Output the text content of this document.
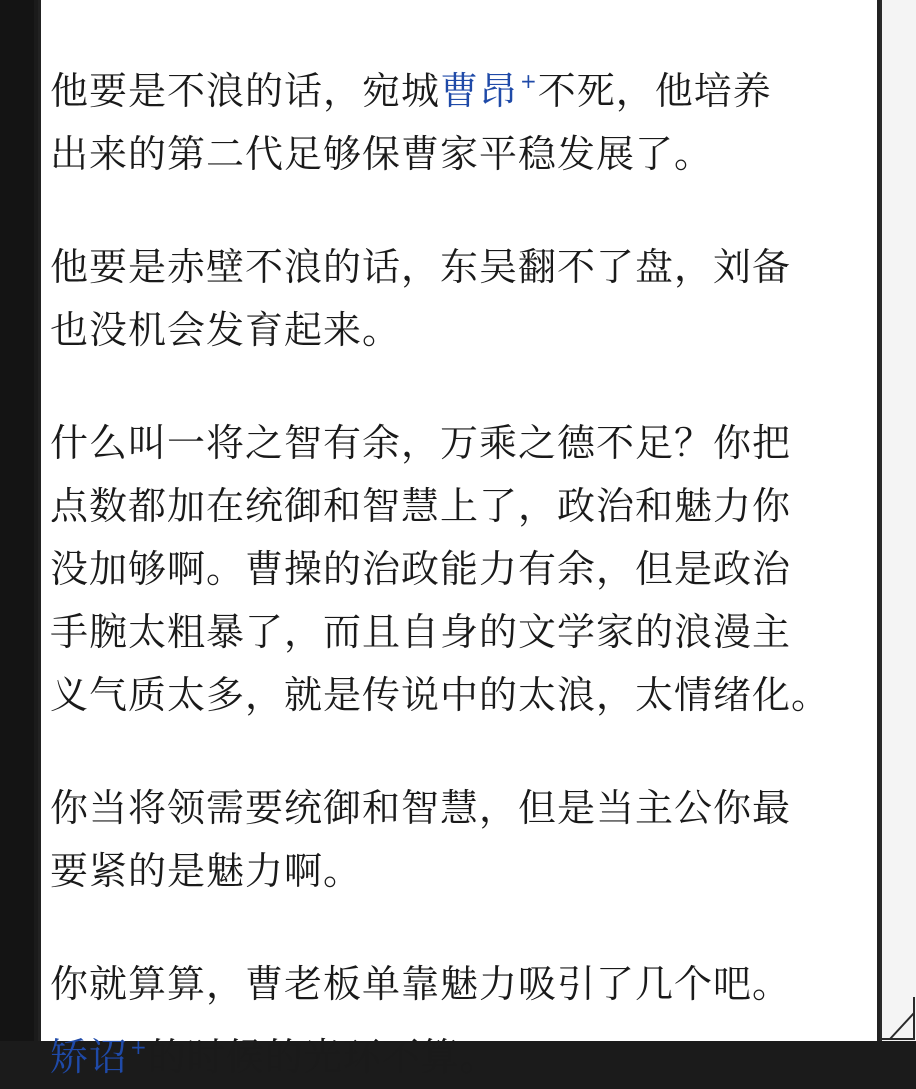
他要是不浪的话，宛城曹昂 +不死，他培养
出来的第二代足够保曹家平稳发展了。

他要是赤壁不浪的话，东吴翻不了盘，刘备
也没机会发育起来。

什么叫一将之智有余，万乘之德不足？你把
点数都加在统御和智慧上了，政治和魅力你
没加够啊。曹操的治政能力有余，但是政治
手腕太粗暴了，而且自身的文学家的浪漫主
义气质太多，就是传说中的太浪，太情绪化。

你当将领需要统御和智慧，但是当主公你最
要紧的是魅力啊。

你就算算，曹老板单靠魅力吸引了几个吧。
矫诏 +的时候的光环不算。
